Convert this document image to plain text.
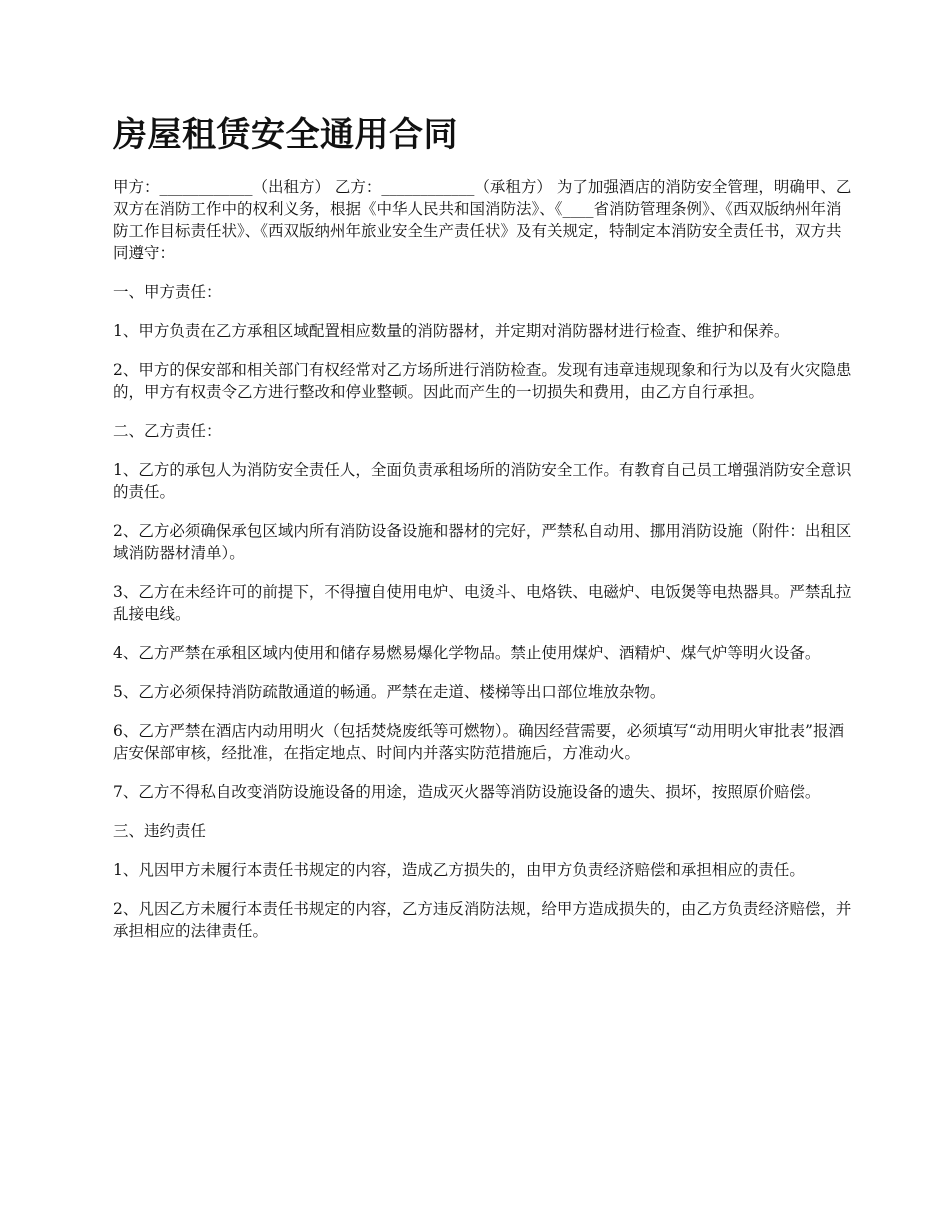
房屋租赁安全通用合同

甲方：____________（出租方） 乙方：____________（承租方） 为了加强酒店的消防安全管理，明确甲、乙双方在消防工作中的权利义务，根据《中华人民共和国消防法》、《____省消防管理条例》、《西双版纳州年消防工作目标责任状》、《西双版纳州年旅业安全生产责任状》及有关规定，特制定本消防安全责任书，双方共同遵守：

一、甲方责任：

1、甲方负责在乙方承租区域配置相应数量的消防器材，并定期对消防器材进行检查、维护和保养。

2、甲方的保安部和相关部门有权经常对乙方场所进行消防检查。发现有违章违规现象和行为以及有火灾隐患的，甲方有权责令乙方进行整改和停业整顿。因此而产生的一切损失和费用，由乙方自行承担。

二、乙方责任：

1、乙方的承包人为消防安全责任人，全面负责承租场所的消防安全工作。有教育自己员工增强消防安全意识的责任。

2、乙方必须确保承包区域内所有消防设备设施和器材的完好，严禁私自动用、挪用消防设施（附件：出租区域消防器材清单）。

3、乙方在未经许可的前提下，不得擅自使用电炉、电烫斗、电烙铁、电磁炉、电饭煲等电热器具。严禁乱拉乱接电线。

4、乙方严禁在承租区域内使用和储存易燃易爆化学物品。禁止使用煤炉、酒精炉、煤气炉等明火设备。

5、乙方必须保持消防疏散通道的畅通。严禁在走道、楼梯等出口部位堆放杂物。

6、乙方严禁在酒店内动用明火（包括焚烧废纸等可燃物）。确因经营需要，必须填写“动用明火审批表”报酒店安保部审核，经批准，在指定地点、时间内并落实防范措施后，方准动火。

7、乙方不得私自改变消防设施设备的用途，造成灭火器等消防设施设备的遗失、损坏，按照原价赔偿。

三、违约责任

1、凡因甲方未履行本责任书规定的内容，造成乙方损失的，由甲方负责经济赔偿和承担相应的责任。

2、凡因乙方未履行本责任书规定的内容，乙方违反消防法规，给甲方造成损失的，由乙方负责经济赔偿，并承担相应的法律责任。
